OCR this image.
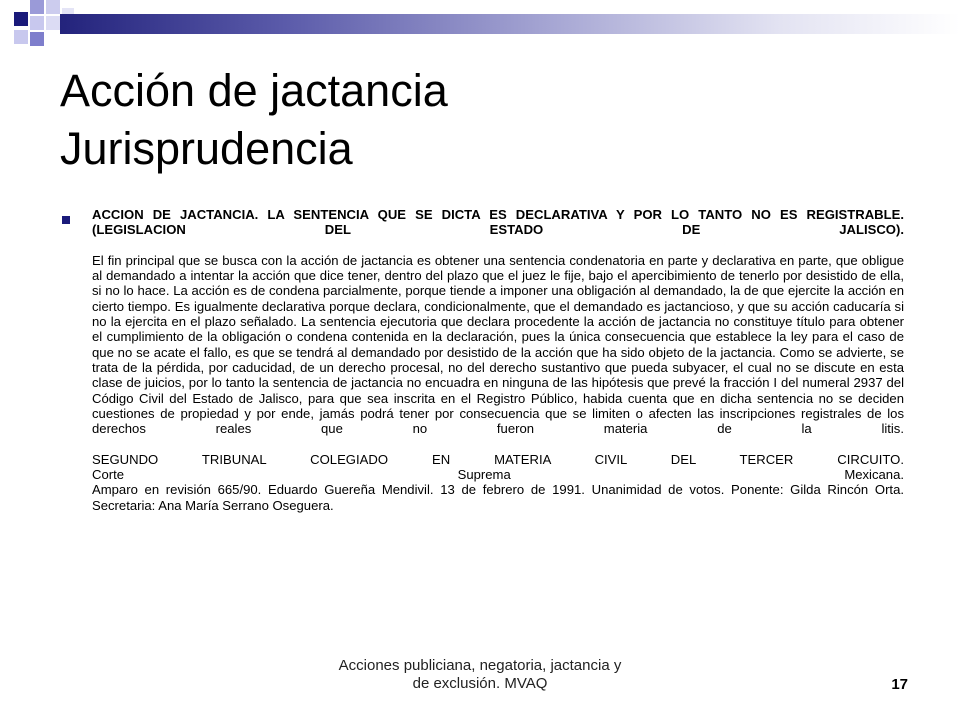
Acción de jactancia
Jurisprudencia

ACCION DE JACTANCIA. LA SENTENCIA QUE SE DICTA ES DECLARATIVA Y POR LO TANTO NO ES REGISTRABLE. (LEGISLACION DEL ESTADO DE JALISCO).

El fin principal que se busca con la acción de jactancia es obtener una sentencia condenatoria en parte y declarativa en parte, que obligue al demandado a intentar la acción que dice tener, dentro del plazo que el juez le fije, bajo el apercibimiento de tenerlo por desistido de ella, si no lo hace. La acción es de condena parcialmente, porque tiende a imponer una obligación al demandado, la de que ejercite la acción en cierto tiempo. Es igualmente declarativa porque declara, condicionalmente, que el demandado es jactancioso, y que su acción caducaría si no la ejercita en el plazo señalado. La sentencia ejecutoria que declara procedente la acción de jactancia no constituye título para obtener el cumplimiento de la obligación o condena contenida en la declaración, pues la única consecuencia que establece la ley para el caso de que no se acate el fallo, es que se tendrá al demandado por desistido de la acción que ha sido objeto de la jactancia. Como se advierte, se trata de la pérdida, por caducidad, de un derecho procesal, no del derecho sustantivo que pueda subyacer, el cual no se discute en esta clase de juicios, por lo tanto la sentencia de jactancia no encuadra en ninguna de las hipótesis que prevé la fracción I del numeral 2937 del Código Civil del Estado de Jalisco, para que sea inscrita en el Registro Público, habida cuenta que en dicha sentencia no se deciden cuestiones de propiedad y por ende, jamás podrá tener por consecuencia que se limiten o afecten las inscripciones registrales de los derechos reales que no fueron materia de la litis.

SEGUNDO TRIBUNAL COLEGIADO EN MATERIA CIVIL DEL TERCER CIRCUITO.

Corte Suprema Mexicana.

Amparo en revisión 665/90. Eduardo Guereña Mendivil. 13 de febrero de 1991. Unanimidad de votos. Ponente: Gilda Rincón Orta. Secretaria: Ana María Serrano Oseguera.

Acciones publiciana, negatoria, jactancia y de exclusión. MVAQ	17
